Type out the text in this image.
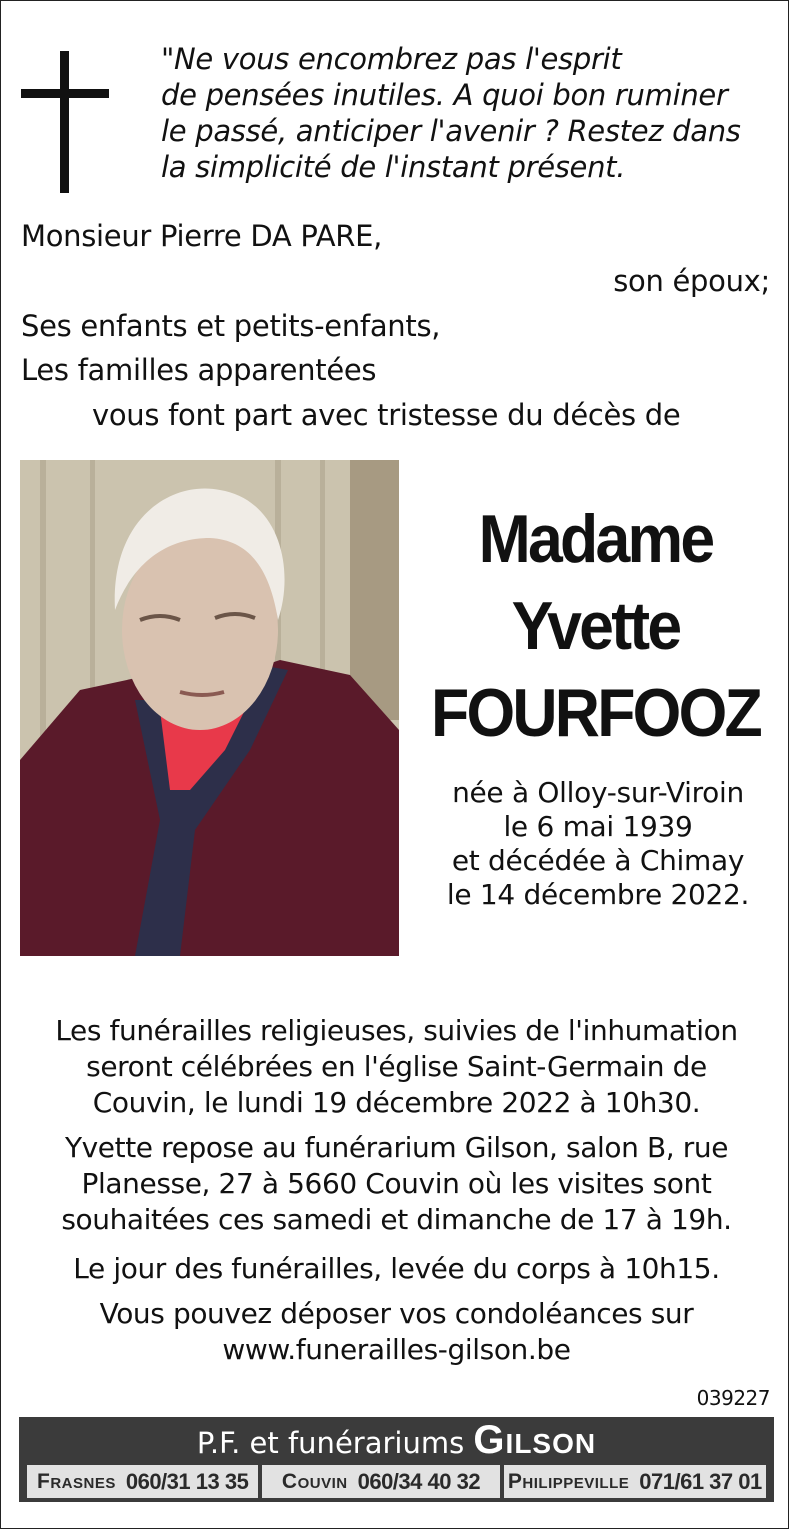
"Ne vous encombrez pas l'esprit
de pensées inutiles. A quoi bon ruminer
le passé, anticiper l'avenir ? Restez dans
la simplicité de l'instant présent.
Monsieur Pierre DA PARE,
son époux;
Ses enfants et petits-enfants,
Les familles apparentées
vous font part avec tristesse du décès de
Madame
Yvette
FOURFOOZ
née à Olloy-sur-Viroin
le 6 mai 1939
et décédée à Chimay
le 14 décembre 2022.
Les funérailles religieuses, suivies de l'inhumation
seront célébrées en l'église Saint-Germain de
Couvin, le lundi 19 décembre 2022 à 10h30.
Yvette repose au funérarium Gilson, salon B, rue
Planesse, 27 à 5660 Couvin où les visites sont
souhaitées ces samedi et dimanche de 17 à 19h.
Le jour des funérailles, levée du corps à 10h15.
Vous pouvez déposer vos condoléances sur
www.funerailles-gilson.be
039227
P.F. et funérariums Gilson
Frasnes 060/31 13 35 Couvin 060/34 40 32 Philippeville 071/61 37 01
